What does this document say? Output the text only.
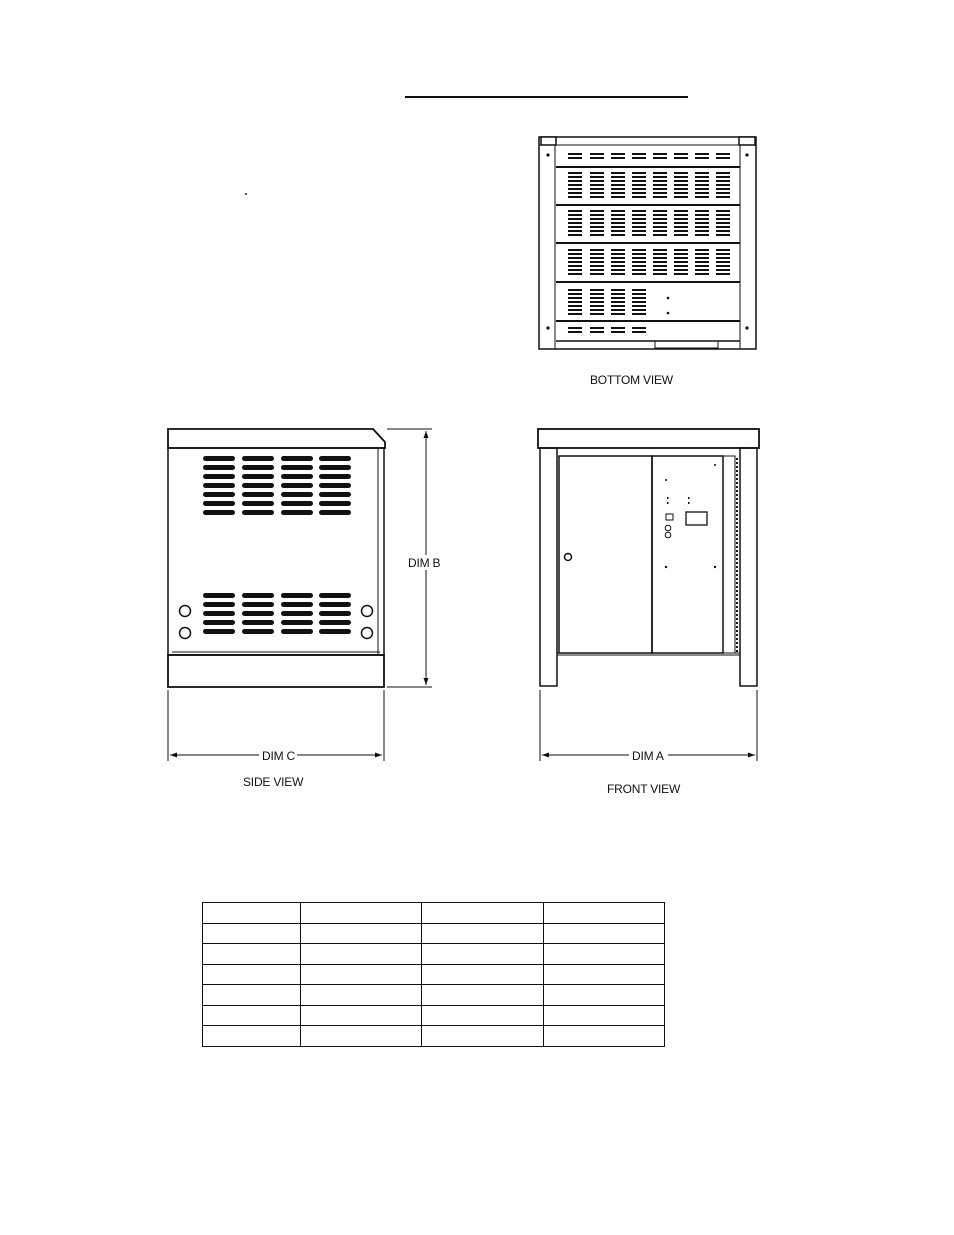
BOTTOM VIEW
SIDE VIEW	FRONT VIEW
DIM B
DIM C	DIM A
